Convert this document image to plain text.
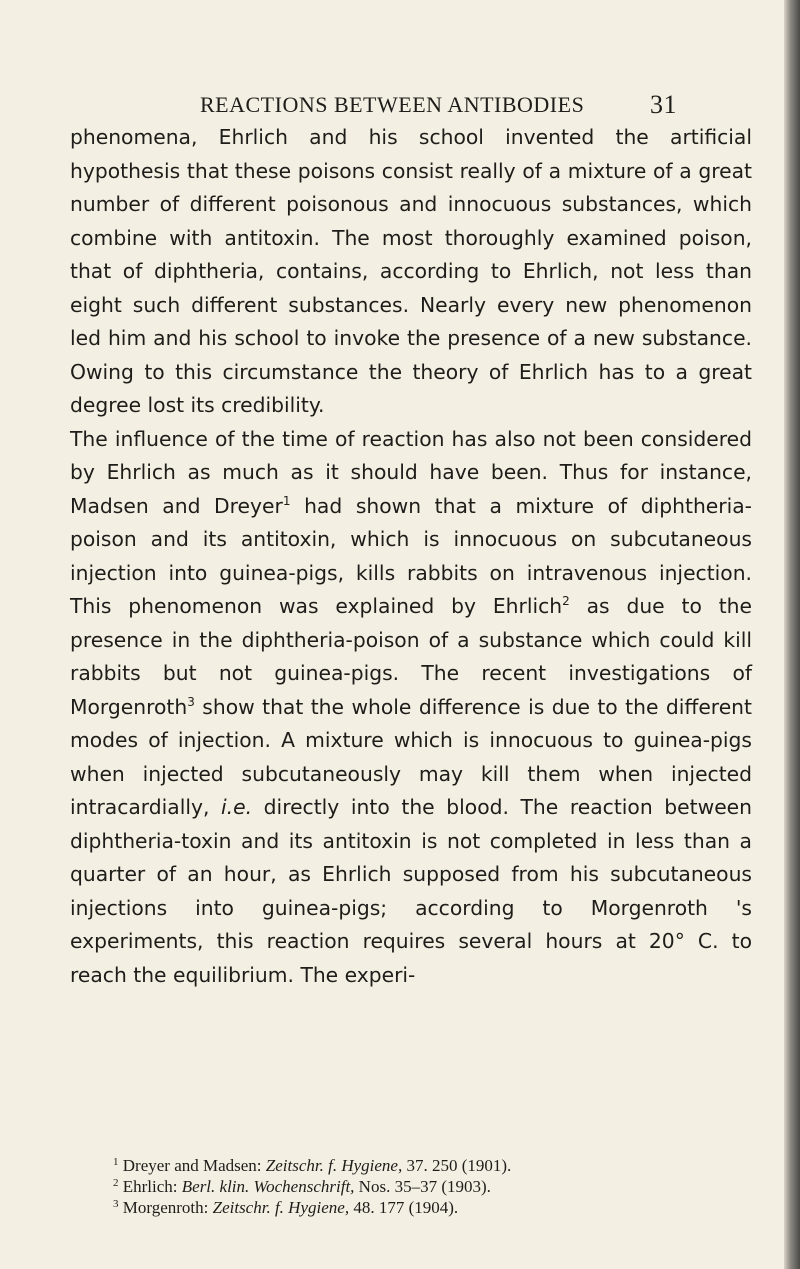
REACTIONS BETWEEN ANTIBODIES	31

phenomena, Ehrlich and his school invented the artificial hypothesis that these poisons consist really of a mixture of a great number of different poisonous and innocuous substances, which combine with antitoxin. The most thoroughly examined poison, that of diphtheria, contains, according to Ehrlich, not less than eight such different substances. Nearly every new phenomenon led him and his school to invoke the presence of a new substance. Owing to this circumstance the theory of Ehrlich has to a great degree lost its credibility.

The influence of the time of reaction has also not been considered by Ehrlich as much as it should have been. Thus for instance, Madsen and Dreyer$^1$ had shown that a mixture of diphtheria-poison and its antitoxin, which is innocuous on subcutaneous injection into guinea-pigs, kills rabbits on intravenous injection. This phenomenon was explained by Ehrlich$^2$ as due to the presence in the diphtheria-poison of a substance which could kill rabbits but not guinea-pigs. The recent investigations of Morgenroth$^3$ show that the whole difference is due to the different modes of injection. A mixture which is innocuous to guinea-pigs when injected subcutaneously may kill them when injected intracardially, i.e. directly into the blood. The reaction between diphtheria-toxin and its antitoxin is not completed in less than a quarter of an hour, as Ehrlich supposed from his subcutaneous injections into guinea-pigs; according to Morgenroth 's experiments, this reaction requires several hours at 20° C. to reach the equilibrium. The experi-

$^1$ Dreyer and Madsen: Zeitschr. f. Hygiene, 37. 250 (1901).
$^2$ Ehrlich: Berl. klin. Wochenschrift, Nos. 35–37 (1903).
$^3$ Morgenroth: Zeitschr. f. Hygiene, 48. 177 (1904).
